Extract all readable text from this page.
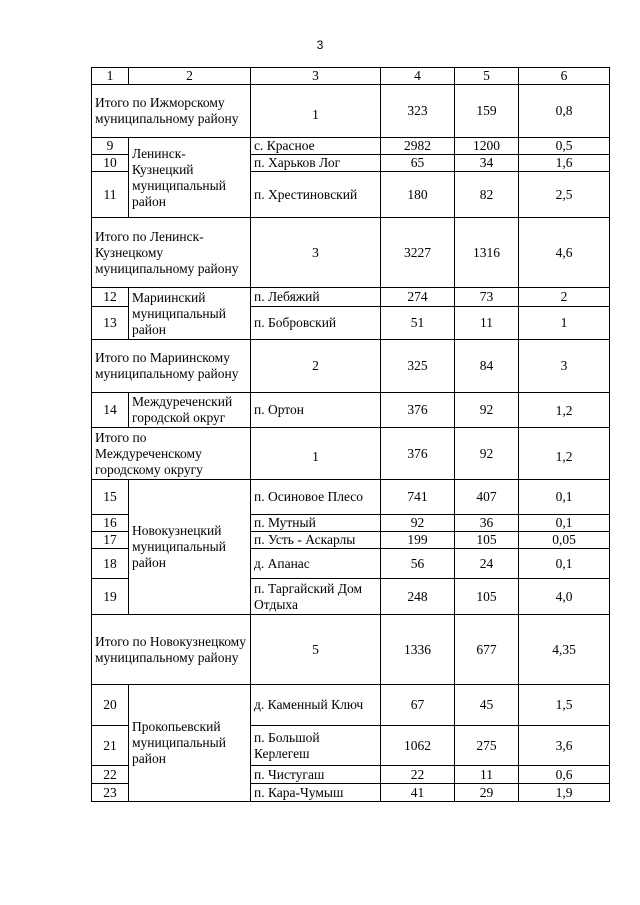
3
1	2	3	4	5	6
Итого по Ижморскому муниципальному району		1	323	159	0,8
9	Ленинск-Кузнецкий муниципальный район	с. Красное	2982	1200	0,5
10		п. Харьков Лог	65	34	1,6
11		п. Хрестиновский	180	82	2,5
Итого по Ленинск-Кузнецкому муниципальному району		3	3227	1316	4,6
12	Мариинский муниципальный район	п. Лебяжий	274	73	2
13		п. Бобровский	51	11	1
Итого по Мариинскому муниципальному району		2	325	84	3
14	Междуреченский городской округ	п. Ортон	376	92	1,2
Итого по Междуреченскому городскому округу		1	376	92	1,2
15	Новокузнецкий муниципальный район	п. Осиновое Плесо	741	407	0,1
16		п. Мутный	92	36	0,1
17		п. Усть - Аскарлы	199	105	0,05
18		д. Апанас	56	24	0,1
19		п. Таргайский Дом Отдыха	248	105	4,0
Итого по Новокузнецкому муниципальному району		5	1336	677	4,35
20	Прокопьевский муниципальный район	д. Каменный Ключ	67	45	1,5
21		п. Большой Керлегеш	1062	275	3,6
22		п. Чистугаш	22	11	0,6
23		п. Кара-Чумыш	41	29	1,9
